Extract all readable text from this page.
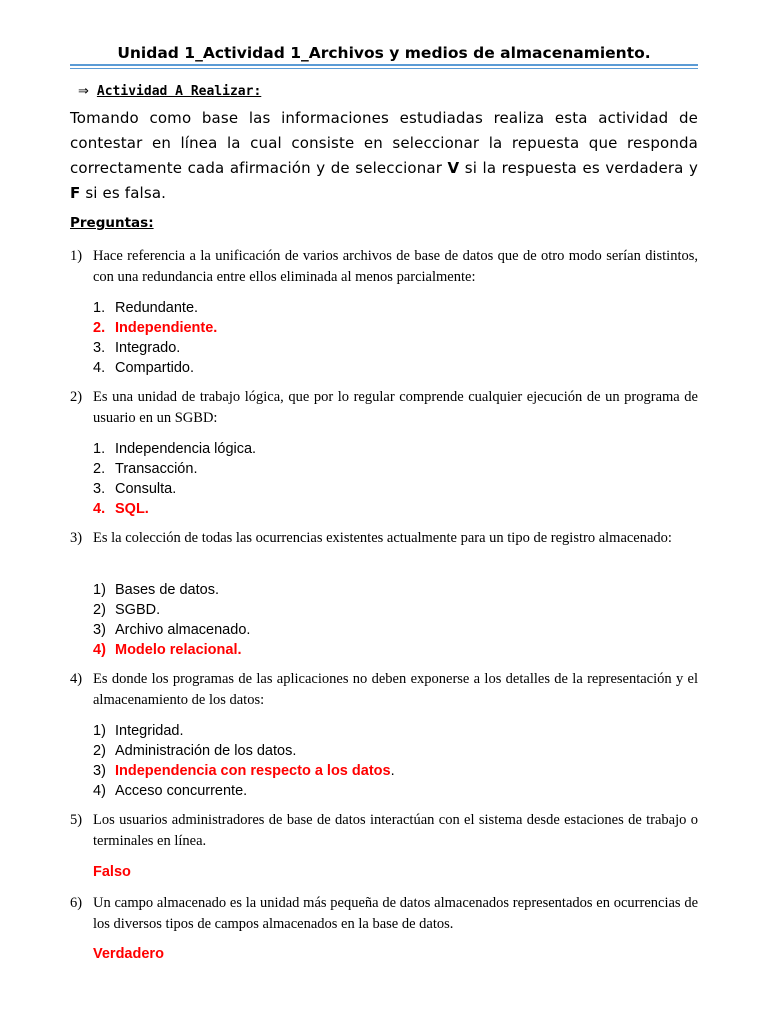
Unidad 1_Actividad 1_Archivos y medios de almacenamiento.
⇒ Actividad A Realizar:
Tomando como base las informaciones estudiadas realiza esta actividad de contestar en línea la cual consiste en seleccionar la repuesta que responda correctamente cada afirmación y de seleccionar V si la respuesta es verdadera y F si es falsa.
Preguntas:
1) Hace referencia a la unificación de varios archivos de base de datos que de otro modo serían distintos, con una redundancia entre ellos eliminada al menos parcialmente:
1. Redundante.
2. Independiente.
3. Integrado.
4. Compartido.
2) Es una unidad de trabajo lógica, que por lo regular comprende cualquier ejecución de un programa de usuario en un SGBD:
1. Independencia lógica.
2. Transacción.
3. Consulta.
4. SQL.
3) Es la colección de todas las ocurrencias existentes actualmente para un tipo de registro almacenado:
1) Bases de datos.
2) SGBD.
3) Archivo almacenado.
4) Modelo relacional.
4) Es donde los programas de las aplicaciones no deben exponerse a los detalles de la representación y el almacenamiento de los datos:
1) Integridad.
2) Administración de los datos.
3) Independencia con respecto a los datos.
4) Acceso concurrente.
5) Los usuarios administradores de base de datos interactúan con el sistema desde estaciones de trabajo o terminales en línea.
Falso
6) Un campo almacenado es la unidad más pequeña de datos almacenados representados en ocurrencias de los diversos tipos de campos almacenados en la base de datos.
Verdadero
